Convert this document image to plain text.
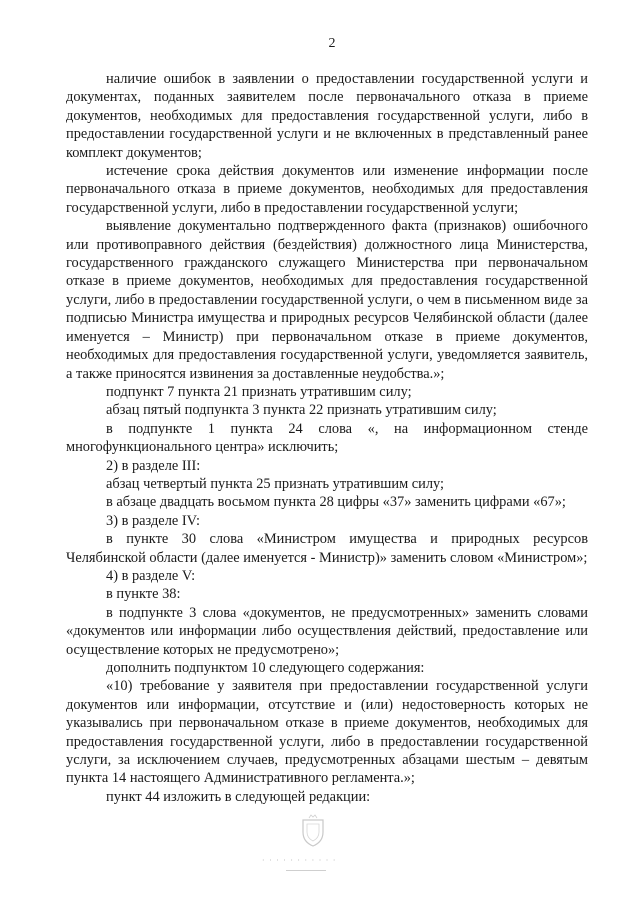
2

наличие ошибок в заявлении о предоставлении государственной услуги и документах, поданных заявителем после первоначального отказа в приеме документов, необходимых для предоставления государственной услуги, либо в предоставлении государственной услуги и не включенных в представленный ранее комплект документов;

истечение срока действия документов или изменение информации после первоначального отказа в приеме документов, необходимых для предоставления государственной услуги, либо в предоставлении государственной услуги;

выявление документально подтвержденного факта (признаков) ошибочного или противоправного действия (бездействия) должностного лица Министерства, государственного гражданского служащего Министерства при первоначальном отказе в приеме документов, необходимых для предоставления государственной услуги, либо в предоставлении государственной услуги, о чем в письменном виде за подписью Министра имущества и природных ресурсов Челябинской области (далее именуется – Министр) при первоначальном отказе в приеме документов, необходимых для предоставления государственной услуги, уведомляется заявитель, а также приносятся извинения за доставленные неудобства.»;

подпункт 7 пункта 21 признать утратившим силу;

абзац пятый подпункта 3 пункта 22 признать утратившим силу;

в подпункте 1 пункта 24 слова «, на информационном стенде многофункционального центра» исключить;

2) в разделе III:

абзац четвертый пункта 25 признать утратившим силу;

в абзаце двадцать восьмом пункта 28 цифры «37» заменить цифрами «67»;

3) в разделе IV:

в пункте 30 слова «Министром имущества и природных ресурсов Челябинской области (далее именуется - Министр)» заменить словом «Министром»;

4) в разделе V:

в пункте 38:

в подпункте 3 слова «документов, не предусмотренных» заменить словами «документов или информации либо осуществления действий, предоставление или осуществление которых не предусмотрено»;

дополнить подпунктом 10 следующего содержания:

«10) требование у заявителя при предоставлении государственной услуги документов или информации, отсутствие и (или) недостоверность которых не указывались при первоначальном отказе в приеме документов, необходимых для предоставления государственной услуги, либо в предоставлении государственной услуги, за исключением случаев, предусмотренных абзацами шестым – девятым пункта 14 настоящего Административного регламента.»;

пункт 44 изложить в следующей редакции:

· · · · · · · · · · ·
